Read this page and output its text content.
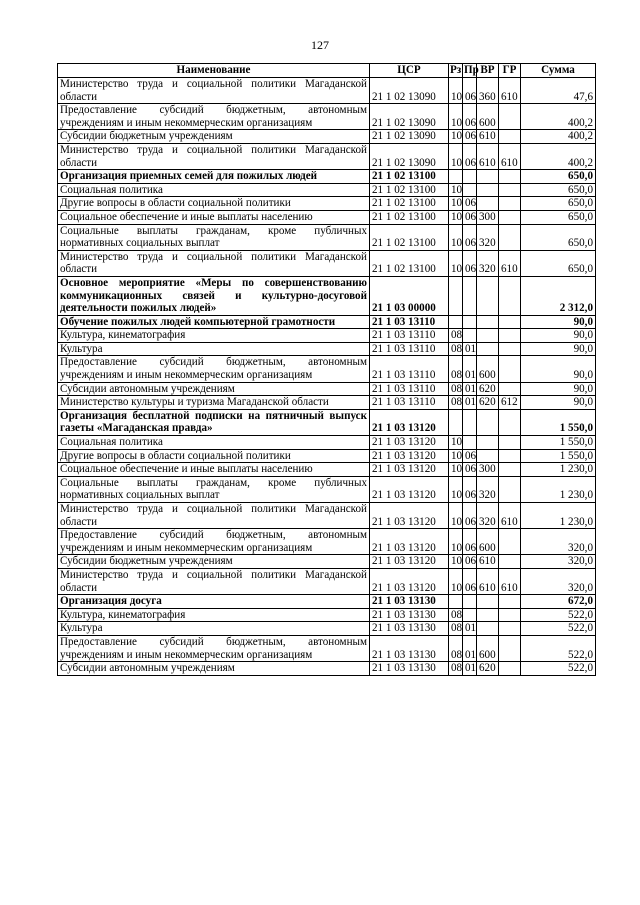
127
Наименование	ЦСР	Рз	Пр	ВР	ГР	Сумма
Министерство труда и социальной политики Магаданской области	21 1 02 13090	10	06	360	610	47,6
Предоставление субсидий бюджетным, автономным учреждениям и иным некоммерческим организациям	21 1 02 13090	10	06	600		400,2
Субсидии бюджетным учреждениям	21 1 02 13090	10	06	610		400,2
Министерство труда и социальной политики Магаданской области	21 1 02 13090	10	06	610	610	400,2
Организация приемных семей для пожилых людей	21 1 02 13100					650,0
Социальная политика	21 1 02 13100	10				650,0
Другие вопросы в области социальной политики	21 1 02 13100	10	06			650,0
Социальное обеспечение и иные выплаты населению	21 1 02 13100	10	06	300		650,0
Социальные выплаты гражданам, кроме публичных нормативных социальных выплат	21 1 02 13100	10	06	320		650,0
Министерство труда и социальной политики Магаданской области	21 1 02 13100	10	06	320	610	650,0
Основное мероприятие «Меры по совершенствованию коммуникационных связей и культурно-досуговой деятельности пожилых людей»	21 1 03 00000					2 312,0
Обучение пожилых людей компьютерной грамотности	21 1 03 13110					90,0
Культура, кинематография	21 1 03 13110	08				90,0
Культура	21 1 03 13110	08	01			90,0
Предоставление субсидий бюджетным, автономным учреждениям и иным некоммерческим организациям	21 1 03 13110	08	01	600		90,0
Субсидии автономным учреждениям	21 1 03 13110	08	01	620		90,0
Министерство культуры и туризма Магаданской области	21 1 03 13110	08	01	620	612	90,0
Организация бесплатной подписки на пятничный выпуск газеты «Магаданская правда»	21 1 03 13120					1 550,0
Социальная политика	21 1 03 13120	10				1 550,0
Другие вопросы в области социальной политики	21 1 03 13120	10	06			1 550,0
Социальное обеспечение и иные выплаты населению	21 1 03 13120	10	06	300		1 230,0
Социальные выплаты гражданам, кроме публичных нормативных социальных выплат	21 1 03 13120	10	06	320		1 230,0
Министерство труда и социальной политики Магаданской области	21 1 03 13120	10	06	320	610	1 230,0
Предоставление субсидий бюджетным, автономным учреждениям и иным некоммерческим организациям	21 1 03 13120	10	06	600		320,0
Субсидии бюджетным учреждениям	21 1 03 13120	10	06	610		320,0
Министерство труда и социальной политики Магаданской области	21 1 03 13120	10	06	610	610	320,0
Организация досуга	21 1 03 13130					672,0
Культура, кинематография	21 1 03 13130	08				522,0
Культура	21 1 03 13130	08	01			522,0
Предоставление субсидий бюджетным, автономным учреждениям и иным некоммерческим организациям	21 1 03 13130	08	01	600		522,0
Субсидии автономным учреждениям	21 1 03 13130	08	01	620		522,0
